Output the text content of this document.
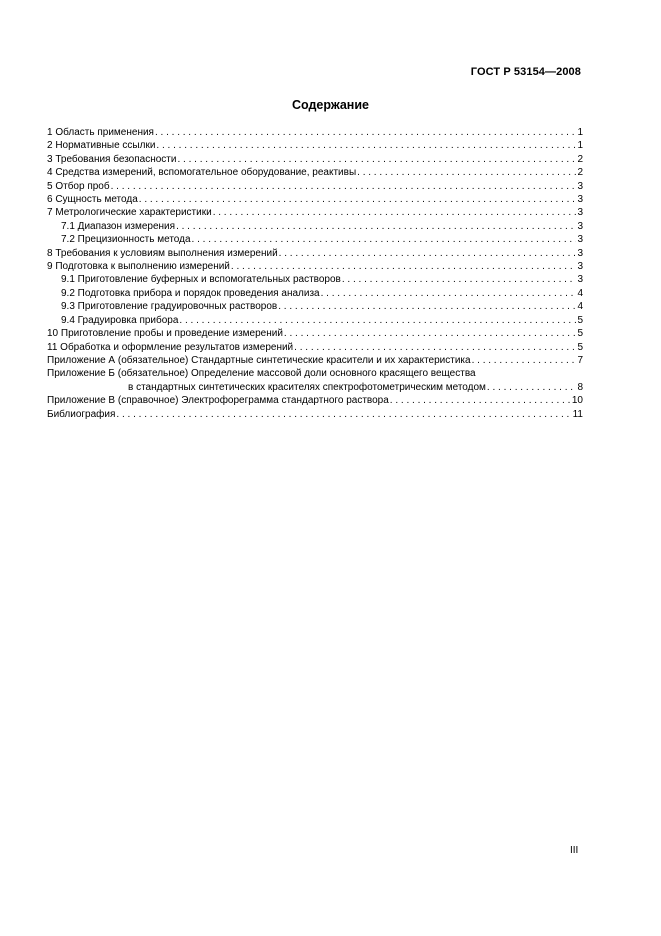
ГОСТ Р 53154—2008
Содержание
1 Область применения . . .	1
2 Нормативные ссылки . . .	1
3 Требования безопасности . . .	2
4 Средства измерений, вспомогательное оборудование, реактивы . . .	2
5 Отбор проб . . .	3
6 Сущность метода . . .	3
7 Метрологические характеристики . . .	3
7.1 Диапазон измерения . . .	3
7.2 Прецизионность метода . . .	3
8 Требования к условиям выполнения измерений . . .	3
9 Подготовка к выполнению измерений . . .	3
9.1 Приготовление буферных и вспомогательных растворов . . .	3
9.2 Подготовка прибора и порядок проведения анализа . . .	4
9.3 Приготовление градуировочных растворов . . .	4
9.4 Градуировка прибора . . .	5
10 Приготовление пробы и проведение измерений . . .	5
11 Обработка и оформление результатов измерений . . .	5
Приложение А (обязательное) Стандартные синтетические красители и их характеристика . . .	7
Приложение Б (обязательное) Определение массовой доли основного красящего вещества
в стандартных синтетических красителях спектрофотометрическим методом . . .	8
Приложение В (справочное) Электрофореграмма стандартного раствора . . .	10
Библиография . . .	11
III
